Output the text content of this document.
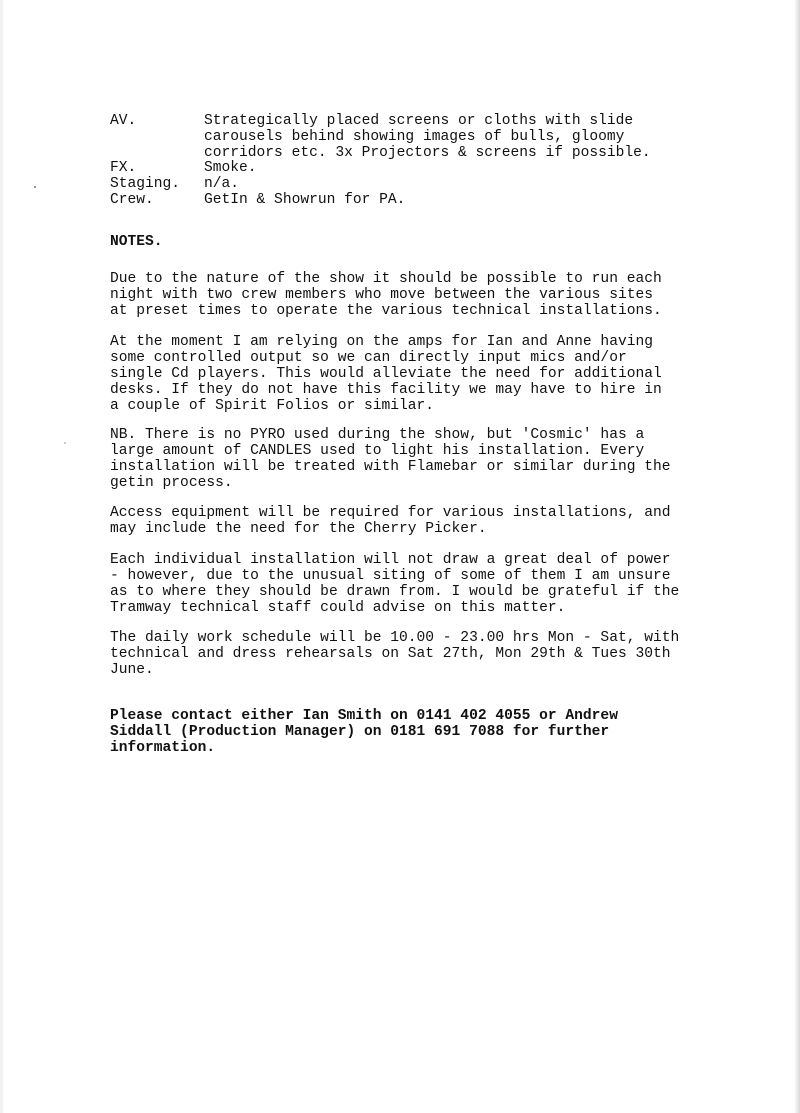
AV.	Strategically placed screens or cloths with slide
carousels behind showing images of bulls, gloomy
corridors etc. 3x Projectors & screens if possible.
FX.	Smoke.
Staging.	n/a.
Crew.	GetIn & Showrun for PA.
NOTES.
Due to the nature of the show it should be possible to run each
night with two crew members who move between the various sites
at preset times to operate the various technical installations.
At the moment I am relying on the amps for Ian and Anne having
some controlled output so we can directly input mics and/or
single Cd players. This would alleviate the need for additional
desks. If they do not have this facility we may have to hire in
a couple of Spirit Folios or similar.
NB. There is no PYRO used during the show, but 'Cosmic' has a
large amount of CANDLES used to light his installation. Every
installation will be treated with Flamebar or similar during the
getin process.
Access equipment will be required for various installations, and
may include the need for the Cherry Picker.
Each individual installation will not draw a great deal of power
- however, due to the unusual siting of some of them I am unsure
as to where they should be drawn from. I would be grateful if the
Tramway technical staff could advise on this matter.
The daily work schedule will be 10.00 - 23.00 hrs Mon - Sat, with
technical and dress rehearsals on Sat 27th, Mon 29th & Tues 30th
June.
Please contact either Ian Smith on 0141 402 4055 or Andrew
Siddall (Production Manager) on 0181 691 7088 for further
information.
